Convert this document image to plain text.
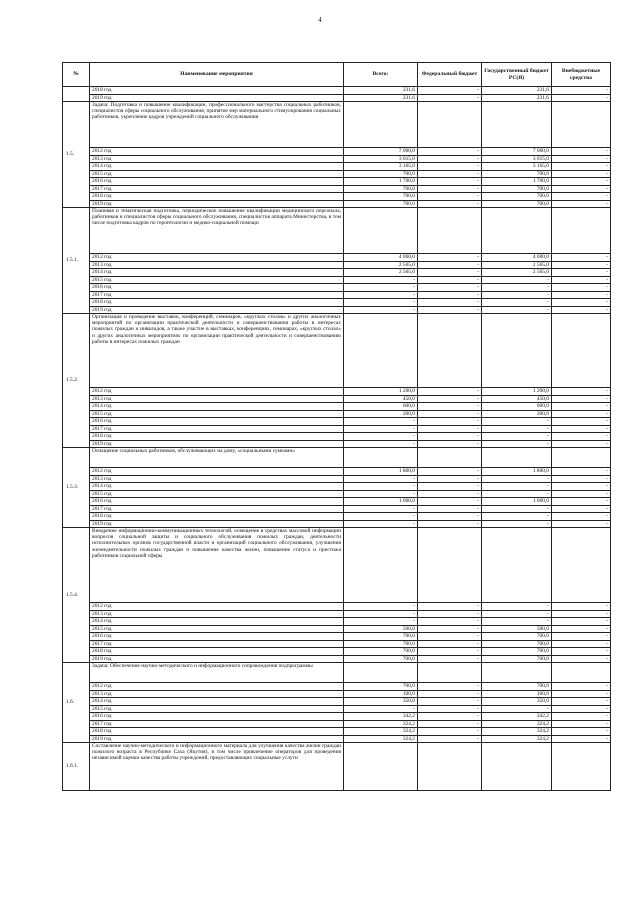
4
№	Наименование мероприятия	Всего:	Федеральный бюджет	Государственный бюджет РС(Я)	Внебюджетные средства
	2018 год	231,6	-	231,6	-
	2019 год	231,6	-	231,6	-
1.5.	Задача: Подготовка и повышение квалификации, профессионального мастерства социальных работников, специалистов сферы социального обслуживания, принятие мер материального стимулирования социальных работников, укрепление кадров учреждений социального обслуживания				
	2012 год	7 000,0	-	7 000,0	-
	2013 год	3 015,0	-	3 015,0	-
	2014 год	3 165,0	-	3 165,0	-
	2015 год	700,0	-	700,0	-
	2016 год	1 700,0	-	1 700,0	-
	2017 год	700,0	-	700,0	-
	2018 год	700,0	-	700,0	-
	2019 год	700,0	-	700,0	-
1.5.1.	Плановая и тематическая подготовка, периодическое повышение квалификации медицинского персонала, работников и специалистов сферы социального обслуживания, специалистов аппарата Министерства, в том числе подготовка кадров по геронтологии и медико-социальной помощи				
	2012 год	4 000,0	-	4 000,0	-
	2013 год	2 565,0	-	2 565,0	-
	2014 год	2 565,0	-	2 565,0	-
	2015 год	-	-	-	-
	2016 год	-	-	-	-
	2017 год	-	-	-	-
	2018 год	-	-	-	-
	2019 год	-	-	-	-
1.5.2.	Организация и проведение выставок, конференций, семинаров, «круглых столов» и других аналогичных мероприятий по организации практической деятельности и совершенствования работы в интересах пожилых граждан и инвалидов, а также участие в выставках, конференциях, семинарах, «круглых столах» и других аналогичных мероприятиях по организации практической деятельности и совершенствованию работы в интересах пожилых граждан				
	2012 год	1 200,0	-	1 200,0	-
	2013 год	450,0	-	450,0	-
	2014 год	600,0	-	600,0	-
	2015 год	200,0	-	200,0	-
	2016 год	-	-	-	-
	2017 год	-	-	-	-
	2018 год	-	-	-	-
	2019 год	-	-	-	-
1.5.3.	Оснащение социальных работников, обслуживающих на дому, «социальными сумками»				
	2012 год	1 800,0	-	1 800,0	-
	2013 год	-	-	-	-
	2014 год	-	-	-	-
	2015 год	-	-	-	-
	2016 год	1 000,0	-	1 000,0	-
	2017 год	-	-	-	-
	2018 год	-	-	-	-
	2019 год	-	-	-	-
1.5.4.	Внедрение информационно-коммуникационных технологий, освещение в средствах массовой информации вопросов социальной защиты и социального обслуживания пожилых граждан, деятельности исполнительных органов государственной власти и организаций социального обслуживания, улучшения жизнедеятельности пожилых граждан и повышение качества жизни, повышение статуса и престижа работников социальной сферы				
	2012 год	-	-	-	-
	2013 год	-	-	-	-
	2014 год	-	-	-	-
	2015 год	500,0	-	500,0	-
	2016 год	700,0	-	700,0	-
	2017 год	700,0	-	700,0	-
	2018 год	700,0	-	700,0	-
	2019 год	700,0	-	700,0	-
1.6.	Задача: Обеспечение научно-методического и информационного сопровождения подпрограммы				
	2012 год	700,0	-	700,0	-
	2013 год	100,0	-	100,0	-
	2014 год	350,0	-	350,0	-
	2015 год	-	-	-	-
	2016 год	342,2	-	342,2	-
	2017 год	324,2	-	324,2	-
	2018 год	324,2	-	324,2	-
	2019 год	324,2	-	324,2	-
1.6.1.	Составление научно-методического и информационного материала для улучшения качества жизни граждан пожилого возраста в Республике Саха (Якутия), в том числе привлечение операторов для проведения независимой оценки качества работы учреждений, предоставляющих социальные услуги				
